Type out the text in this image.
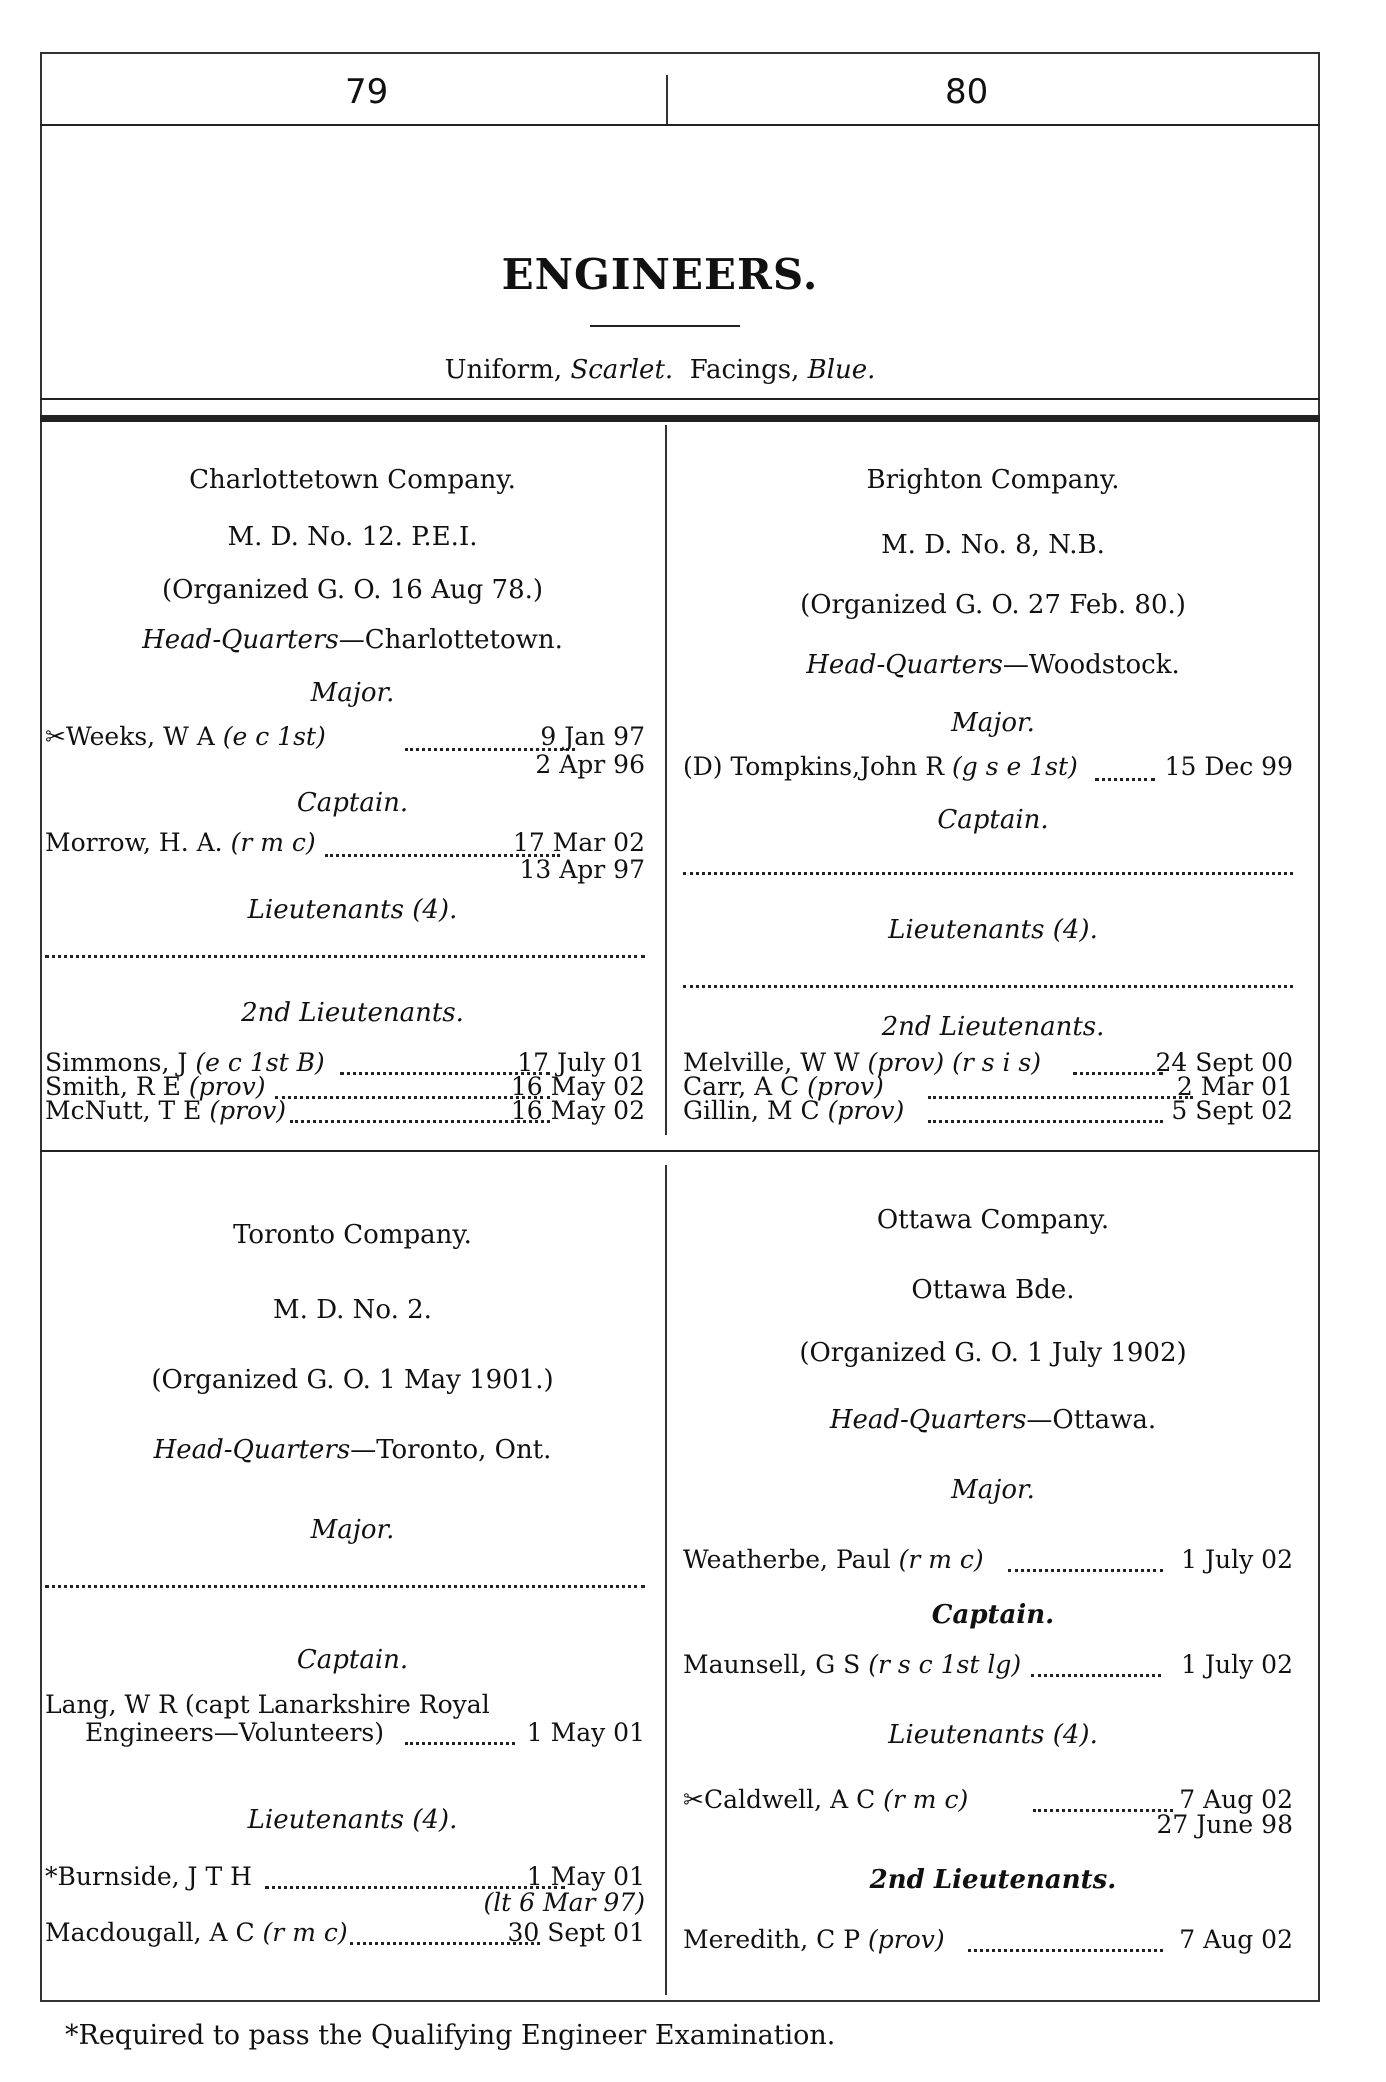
79	80
ENGINEERS.
Uniform, Scarlet. Facings, Blue.
Charlottetown Company.
M. D. No. 12. P.E.I.
(Organized G. O. 16 Aug 78.)
Head-Quarters—Charlottetown.
Major.
✂Weeks, W A (e c 1st)	9 Jan 97
2 Apr 96
Captain.
Morrow, H. A. (r m c)	17 Mar 02
13 Apr 97
Lieutenants (4).
2nd Lieutenants.
Simmons, J (e c 1st B)	17 July 01
Smith, R E (prov)	16 May 02
McNutt, T E (prov)	16 May 02
Brighton Company.
M. D. No. 8, N.B.
(Organized G. O. 27 Feb. 80.)
Head-Quarters—Woodstock.
Major.
(D) Tompkins,John R (g s e 1st)	15 Dec 99
Captain.
Lieutenants (4).
2nd Lieutenants.
Melville, W W (prov) (r s i s)	24 Sept 00
Carr, A C (prov)	2 Mar 01
Gillin, M C (prov)	5 Sept 02
Toronto Company.
M. D. No. 2.
(Organized G. O. 1 May 1901.)
Head-Quarters—Toronto, Ont.
Major.
Captain.
Lang, W R (capt Lanarkshire Royal
Engineers—Volunteers)	1 May 01
Lieutenants (4).
*Burnside, J T H	1 May 01
(lt 6 Mar 97)
Macdougall, A C (r m c)	30 Sept 01
Ottawa Company.
Ottawa Bde.
(Organized G. O. 1 July 1902)
Head-Quarters—Ottawa.
Major.
Weatherbe, Paul (r m c)	1 July 02
Captain.
Maunsell, G S (r s c 1st lg)	1 July 02
Lieutenants (4).
✂Caldwell, A C (r m c)	7 Aug 02
27 June 98
2nd Lieutenants.
Meredith, C P (prov)	7 Aug 02
*Required to pass the Qualifying Engineer Examination.
